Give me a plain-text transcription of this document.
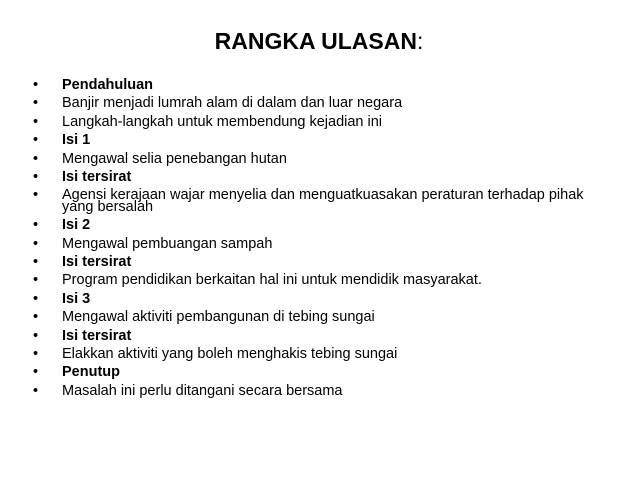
RANGKA ULASAN:
• Pendahuluan
• Banjir menjadi lumrah alam di dalam dan luar negara
• Langkah-langkah untuk membendung kejadian ini
• Isi 1
• Mengawal selia penebangan hutan
• Isi tersirat
• Agensi kerajaan wajar menyelia dan menguatkuasakan peraturan terhadap pihak yang bersalah
• Isi 2
• Mengawal pembuangan sampah
• Isi tersirat
• Program pendidikan berkaitan hal ini untuk mendidik masyarakat.
• Isi 3
• Mengawal aktiviti pembangunan di tebing sungai
• Isi tersirat
• Elakkan aktiviti yang boleh menghakis tebing sungai
• Penutup
• Masalah ini perlu ditangani secara bersama
